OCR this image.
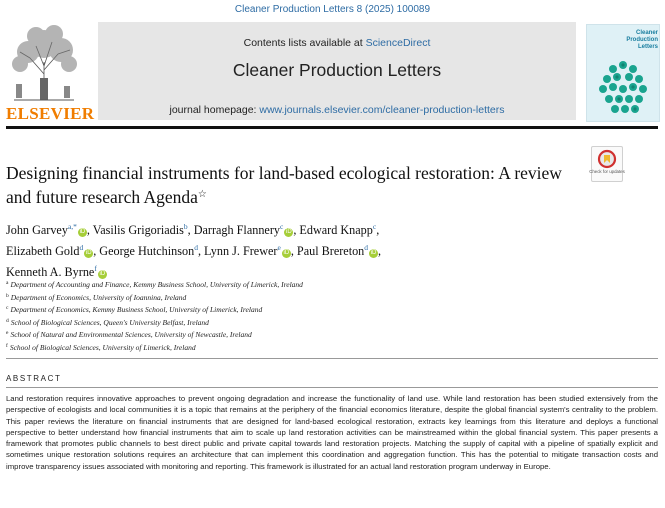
Cleaner Production Letters 8 (2025) 100089
ELSEVIER
Contents lists available at ScienceDirect
Cleaner Production Letters
journal homepage: www.journals.elsevier.com/cleaner-production-letters
Cleaner Production Letters
Check for updates
Designing financial instruments for land-based ecological restoration: A review and future research Agenda☆
John Garvey$^{a,*}$iD , Vasilis Grigoriadis$^b$, Darragh Flannery$^c$iD , Edward Knapp$^c$,
Elizabeth Gold$^d$iD , George Hutchinson$^d$, Lynn J. Frewer$^e$iD , Paul Brereton$^d$iD ,
Kenneth A. Byrne$^f$iD
$^a$ Department of Accounting and Finance, Kemmy Business School, University of Limerick, Ireland
$^b$ Department of Economics, University of Ioannina, Ireland
$^c$ Department of Economics, Kemmy Business School, University of Limerick, Ireland
$^d$ School of Biological Sciences, Queen's University Belfast, Ireland
$^e$ School of Natural and Environmental Sciences, University of Newcastle, Ireland
$^f$ School of Biological Sciences, University of Limerick, Ireland
ABSTRACT
Land restoration requires innovative approaches to prevent ongoing degradation and increase the functionality of land use. While land restoration has been studied extensively from the perspective of ecologists and local communities it is a topic that remains at the periphery of the financial economics literature, despite the global financial system's centrality to the problem. This paper reviews the literature on financial instruments that are designed for land-based ecological restoration, extracts key learnings from this literature and deploys a functional perspective to better understand how financial instruments that aim to scale up land restoration activities can be mainstreamed within the global financial system. This paper presents a framework that promotes public channels to best direct public and private capital towards land restoration projects. Matching the supply of capital with a pipeline of spatially explicit and sometimes unique restoration solutions requires an architecture that can implement this coordination and aggregation function. This has the potential to mitigate transaction costs and improve transparency issues associated with monitoring and reporting. This framework is illustrated for an actual land restoration program underway in Europe.
